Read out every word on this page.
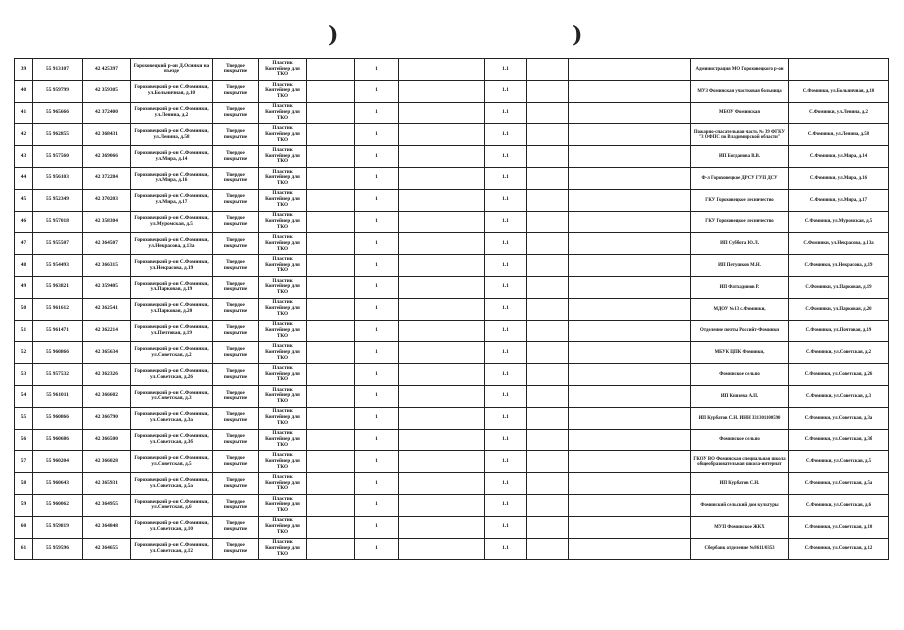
)	)
39	55 913107	42 425397	Гороховецкий р-он Д.Осинки на въезде	Твердое покрытие	Пластик Контейнер для ТКО		1		1.1			Администрация МО Гороховецкого р-он	
40	55 959799	42 359305	Гороховецкий р-он С.Фоминки, ул.Больничная, д.10	Твердое покрытие	Пластик Контейнер для ТКО		1		1.1			МУЗ Фоминская участковая больница	С.Фоминки, ул.Больничная, д.10
41	55 965666	42 372400	Гороховецкий р-он С.Фоминки, ул.Ленина, д.2	Твердое покрытие	Пластик Контейнер для ТКО		1		1.1			МБОУ Фоминская	С.Фоминки, ул.Ленина, д.2
42	55 962855	42 368431	Гороховецкий р-он С.Фоминки, ул.Ленина, д.58	Твердое покрытие	Пластик Контейнер для ТКО		1		1.1			Пожарно-спасательная часть № 39 ФГКУ "3 ОФПС по Владимирской области"	С.Фоминки, ул.Ленина, д.58
43	55 957560	42 369066	Гороховецкий р-он С.Фоминки, ул.Мира, д.14	Твердое покрытие	Пластик Контейнер для ТКО		1		1.1			ИП Богданова В.В.	С.Фоминки, ул.Мира, д.14
44	55 956103	42 372284	Гороховецкий р-он С.Фоминки, ул.Мира, д.16	Твердое покрытие	Пластик Контейнер для ТКО		1		1.1			Ф-л Гороховецкое ДРСУ ГУП ДСУ	С.Фоминки, ул.Мира, д.16
45	55 952349	42 370203	Гороховецкий р-он С.Фоминки, ул.Мира, д.17	Твердое покрытие	Пластик Контейнер для ТКО		1		1.1			ГКУ Гороховецкое лесничество	С.Фоминки, ул.Мира, д.17
46	55 957018	42 358304	Гороховецкий р-он С.Фоминки, ул.Муромская, д.5	Твердое покрытие	Пластик Контейнер для ТКО		1		1.1			ГКУ Гороховецкое лесничество	С.Фоминки, ул.Муромская, д.5
47	55 955507	42 364507	Гороховецкий р-он С.Фоминки, ул.Некрасова, д.13а	Твердое покрытие	Пластик Контейнер для ТКО		1		1.1			ИП Суббота Ю.Л.	С.Фоминки, ул.Некрасова, д.13а
48	55 954493	42 366315	Гороховецкий р-он С.Фоминки, ул.Некрасова, д.19	Твердое покрытие	Пластик Контейнер для ТКО		1		1.1			ИП Петушков М.Н.	С.Фоминки, ул.Некрасова, д.19
49	55 963821	42 359405	Гороховецкий р-он С.Фоминки, ул.Парковая, д.19	Твердое покрытие	Пластик Контейнер для ТКО		1		1.1			ИП Фатхадинов Р.	С.Фоминки, ул.Парковая, д.19
50	55 961612	42 362541	Гороховецкий р-он С.Фоминки, ул.Парковая, д.20	Твердое покрытие	Пластик Контейнер для ТКО		1		1.1			МДОУ №13 с.Фоминки,	С.Фоминки, ул.Парковая, д.20
51	55 961471	42 362214	Гороховецкий р-он С.Фоминки, ул.Почтовая, д.19	Твердое покрытие	Пластик Контейнер для ТКО		1		1.1			Отделение почты Российт-Фоминки	С.Фоминки, ул.Почтовая, д.19
52	55 960866	42 365634	Гороховецкий р-он С.Фоминки, ул.Советская, д.2	Твердое покрытие	Пластик Контейнер для ТКО		1		1.1			МБУК ЦПК Фоминки,	С.Фоминки, ул.Советская, д.2
53	55 957532	42 362326	Гороховецкий р-он С.Фоминки, ул.Советская, д.26	Твердое покрытие	Пластик Контейнер для ТКО		1		1.1			Фоминское сельпо	С.Фоминки, ул.Советская, д.26
54	55 961011	42 366602	Гороховецкий р-он С.Фоминки, ул.Советская, д.3	Твердое покрытие	Пластик Контейнер для ТКО		1		1.1			ИП Князева А.П.	С.Фоминки, ул.Советская, д.3
55	55 960866	42 366790	Гороховецкий р-он С.Фоминки, ул.Советская, д.3а	Твердое покрытие	Пластик Контейнер для ТКО		1		1.1			ИП Курбатов С.Н. ИНН 331301100590	С.Фоминки, ул.Советская, д.3а
56	55 960686	42 366500	Гороховецкий р-он С.Фоминки, ул.Советская, д.3б	Твердое покрытие	Пластик Контейнер для ТКО		1		1.1			Фоминское сельпо	С.Фоминки, ул.Советская, д.3б
57	55 960204	42 366028	Гороховецкий р-он С.Фоминки, ул.Советская, д.5	Твердое покрытие	Пластик Контейнер для ТКО		1		1.1			ГКОУ ВО Фоминская специальная школа общеобразовательная школа-интернат	С.Фоминки, ул.Советская, д.5
58	55 960643	42 365931	Гороховецкий р-он С.Фоминки, ул.Советская, д.5а	Твердое покрытие	Пластик Контейнер для ТКО		1		1.1			ИП Курбатов С.Н.	С.Фоминки, ул.Советская, д.5а
59	55 960062	42 364955	Гороховецкий р-он С.Фоминки, ул.Советская, д.6	Твердое покрытие	Пластик Контейнер для ТКО		1		1.1			Фоминский сельский дом культуры	С.Фоминки, ул.Советская, д.6
60	55 959819	42 364848	Гороховецкий р-он С.Фоминки, ул.Советская, д.10	Твердое покрытие	Пластик Контейнер для ТКО		1		1.1			МУП Фоминское ЖКХ	С.Фоминки, ул.Советская, д.10
61	55 959596	42 364655	Гороховецкий р-он С.Фоминки, ул.Советская, д.12	Твердое покрытие	Пластик Контейнер для ТКО		1		1.1			Сбербанк отделение №8611/0353	С.Фоминки, ул.Советская, д.12
